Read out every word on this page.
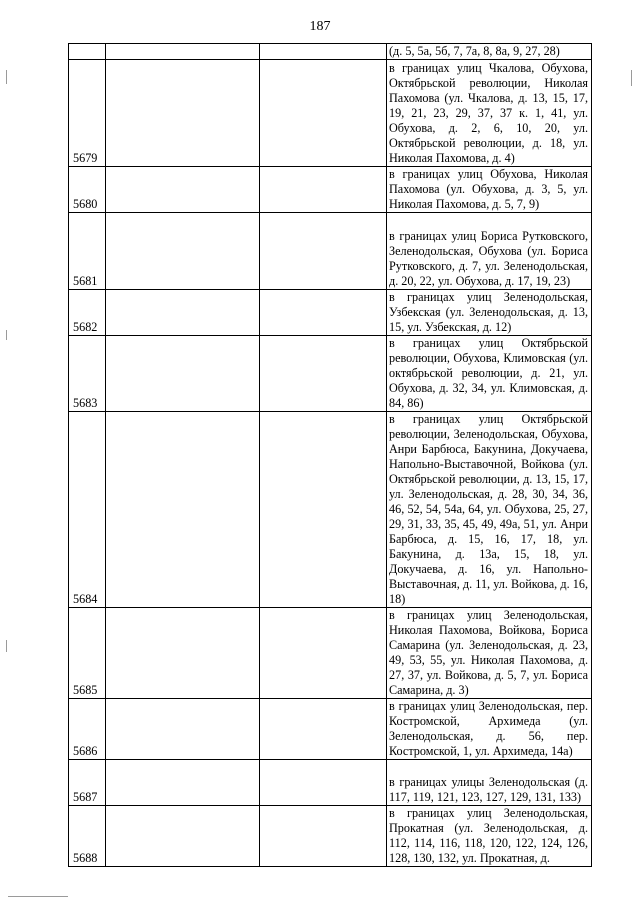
187

			(д. 5, 5а, 5б, 7, 7а, 8, 8а, 9, 27, 28)

5679			в границах улиц Чкалова, Обухова, Октябрьской революции, Николая Пахомова (ул. Чкалова, д. 13, 15, 17, 19, 21, 23, 29, 37, 37 к. 1, 41, ул. Обухова, д. 2, 6, 10, 20, ул. Октябрьской революции, д. 18, ул. Николая Пахомова, д. 4)

5680			в границах улиц Обухова, Николая Пахомова (ул. Обухова, д. 3, 5, ул. Николая Пахомова, д. 5, 7, 9)

5681			в границах улиц Бориса Рутковского, Зеленодольская, Обухова (ул. Бориса Рутковского, д. 7, ул. Зеленодольская, д. 20, 22, ул. Обухова, д. 17, 19, 23)

5682			в границах улиц Зеленодольская, Узбекская (ул. Зеленодольская, д. 13, 15, ул. Узбекская, д. 12)

5683			в границах улиц Октябрьской революции, Обухова, Климовская (ул. октябрьской революции, д. 21, ул. Обухова, д. 32, 34, ул. Климовская, д. 84, 86)

5684			в границах улиц Октябрьской революции, Зеленодольская, Обухова, Анри Барбюса, Бакунина, Докучаева, Напольно-Выставочной, Войкова (ул. Октябрьской революции, д. 13, 15, 17, ул. Зеленодольская, д. 28, 30, 34, 36, 46, 52, 54, 54а, 64, ул. Обухова, 25, 27, 29, 31, 33, 35, 45, 49, 49а, 51, ул. Анри Барбюса, д. 15, 16, 17, 18, ул. Бакунина, д. 13а, 15, 18, ул. Докучаева, д. 16, ул. Напольно-Выставочная, д. 11, ул. Войкова, д. 16, 18)

5685			в границах улиц Зеленодольская, Николая Пахомова, Войкова, Бориса Самарина (ул. Зеленодольская, д. 23, 49, 53, 55, ул. Николая Пахомова, д. 27, 37, ул. Войкова, д. 5, 7, ул. Бориса Самарина, д. 3)

5686			в границах улиц Зеленодольская, пер. Костромской, Архимеда (ул. Зеленодольская, д. 56, пер. Костромской, 1, ул. Архимеда, 14а)

5687			в границах улицы Зеленодольская (д. 117, 119, 121, 123, 127, 129, 131, 133)

5688			в границах улиц Зеленодольская, Прокатная (ул. Зеленодольская, д. 112, 114, 116, 118, 120, 122, 124, 126, 128, 130, 132, ул. Прокатная, д.
